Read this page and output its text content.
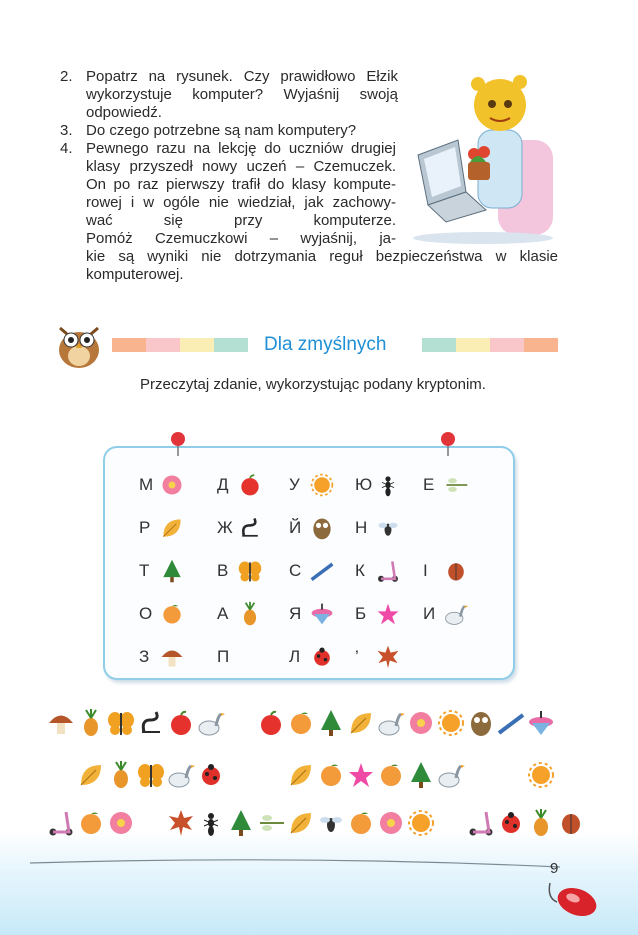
2. Popatrz na rysunek. Czy prawidłowo Ełzik
wykorzystuje komputer? Wyjaśnij swoją
odpowiedź.
3. Do czego potrzebne są nam komputery?
4. Pewnego razu na lekcję do uczniów drugiej
klasy przyszedł nowy uczeń – Czemuczek.
On po raz pierwszy trafił do klasy kompute-
rowej i w ogóle nie wiedział, jak zachowy-
wać się przy komputerze.
Pomóż Czemuczkowi – wyjaśnij, ja-
kie są wyniki nie dotrzymania reguł bezpieczeństwa w klasie
komputerowej.
Dla zmyślnych
Przeczytaj zdanie, wykorzystując podany kryptonim.
М	Д	У	Ю	Е
Р	Ж	Й	Н
Т	В	С	К	І
О	А	Я	Б	И
З	П	Л	’
9
